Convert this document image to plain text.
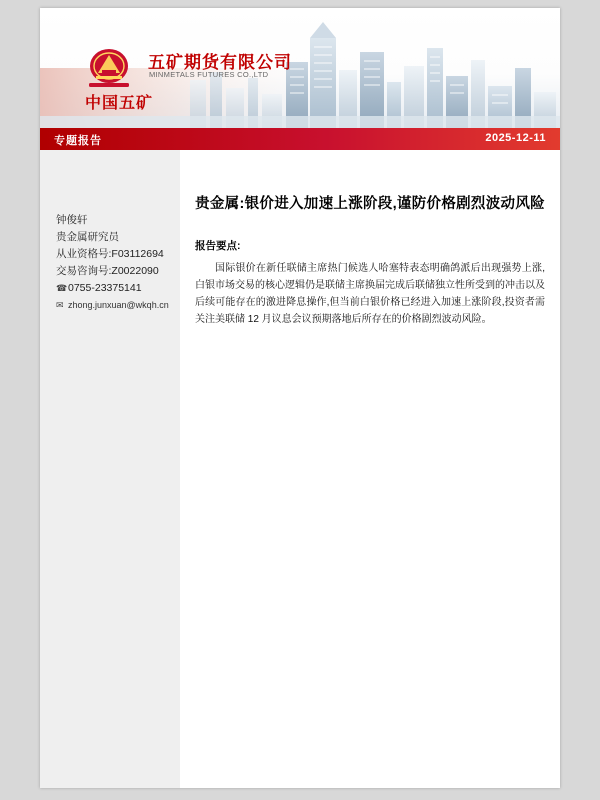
中国五矿
五矿期货有限公司
MINMETALS FUTURES CO.,LTD
专题报告	2025-12-11
钟俊轩
贵金属研究员
从业资格号:F03112694
交易咨询号:Z0022090
☎0755-23375141
✉ zhong.junxuan@wkqh.cn
贵金属:银价进入加速上涨阶段,谨防价格剧烈波动风险
报告要点:
国际银价在新任联储主席热门候选人哈塞特表态明确鸽派后出现强势上涨,白银市场交易的核心逻辑仍是联储主席换届完成后联储独立性所受到的冲击以及后续可能存在的激进降息操作,但当前白银价格已经进入加速上涨阶段,投资者需关注美联储 12 月议息会议预期落地后所存在的价格剧烈波动风险。
